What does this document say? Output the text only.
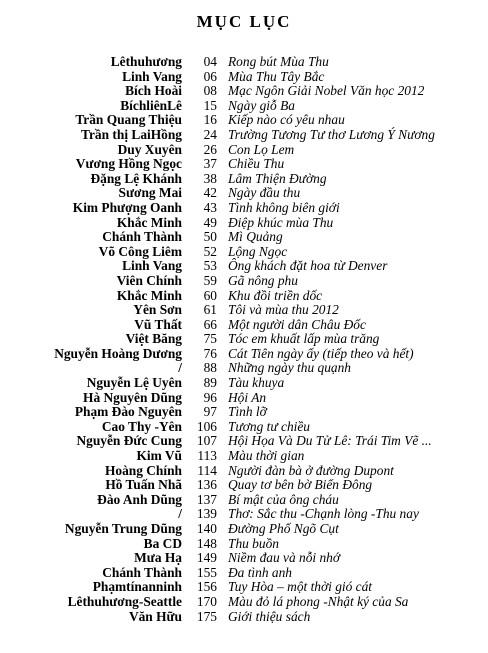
MỤC LỤC
Lêthuhương	04 Rong bút Mùa Thu
Linh Vang	06 Mùa Thu Tây Bắc
Bích Hoài	08 Mạc Ngôn Giải Nobel Văn học 2012
BíchliênLê	15 Ngày giỗ Ba
Trần Quang Thiệu	16 Kiếp nào có yêu nhau
Trần thị LaiHồng	24 Trường Tương Tư thơ Lương Ý Nương
Duy Xuyên	26 Con Lọ Lem
Vương Hồng Ngọc	37 Chiều Thu
Đặng Lệ Khánh	38 Lâm Thiện Đường
Sương Mai	42 Ngày đầu thu
Kim Phượng Oanh	43 Tình không biên giới
Khắc Minh	49 Điệp khúc mùa Thu
Chánh Thành	50 Mì Quảng
Võ Công Liêm	52 Lộng Ngọc
Linh Vang	53 Ông khách đặt hoa từ Denver
Viên Chính	59 Gã nông phu
Khắc Minh	60 Khu đồi triền dốc
Yên Sơn	61 Tôi và mùa thu 2012
Vũ Thất	66 Một người dân Châu Đốc
Việt Băng	75 Tóc em khuất lấp mùa trăng
Nguyễn Hoàng Dương	76 Cát Tiên ngày ấy (tiếp theo và hết)
/	88 Những ngày thu quạnh
Nguyễn Lệ Uyên	89 Tàu khuya
Hà Nguyên Dũng	96 Hội An
Phạm Đào Nguyên	97 Tình lỡ
Cao Thy -Yên 106 Tương tư chiều
Nguyễn Đức Cung 107 Hội Họa Và Du Tử Lê: Trái Tim Vẽ ...
Kim Vũ	113 Màu thời gian
Hoàng Chính	114 Người đàn bà ở đường Dupont
Hồ Tuấn Nhã 136 Quay tơ bên bờ Biển Đông
Đào Anh Dũng 137 Bí mật của ông cháu
/ 139 Thơ: Sắc thu -Chạnh lòng -Thu nay
Nguyễn Trung Dũng 140 Đường Phố Ngõ Cụt
Ba CD 148 Thu buồn
Mưa Hạ 149 Niềm đau và nỗi nhớ
Chánh Thành 155 Đa tình anh
Phạmtínanninh 156 Tuy Hòa – một thời gió cát
Lêthuhương-Seattle 170 Màu đỏ lá phong -Nhật ký của Sa
Văn Hữu 175 Giới thiệu sách
